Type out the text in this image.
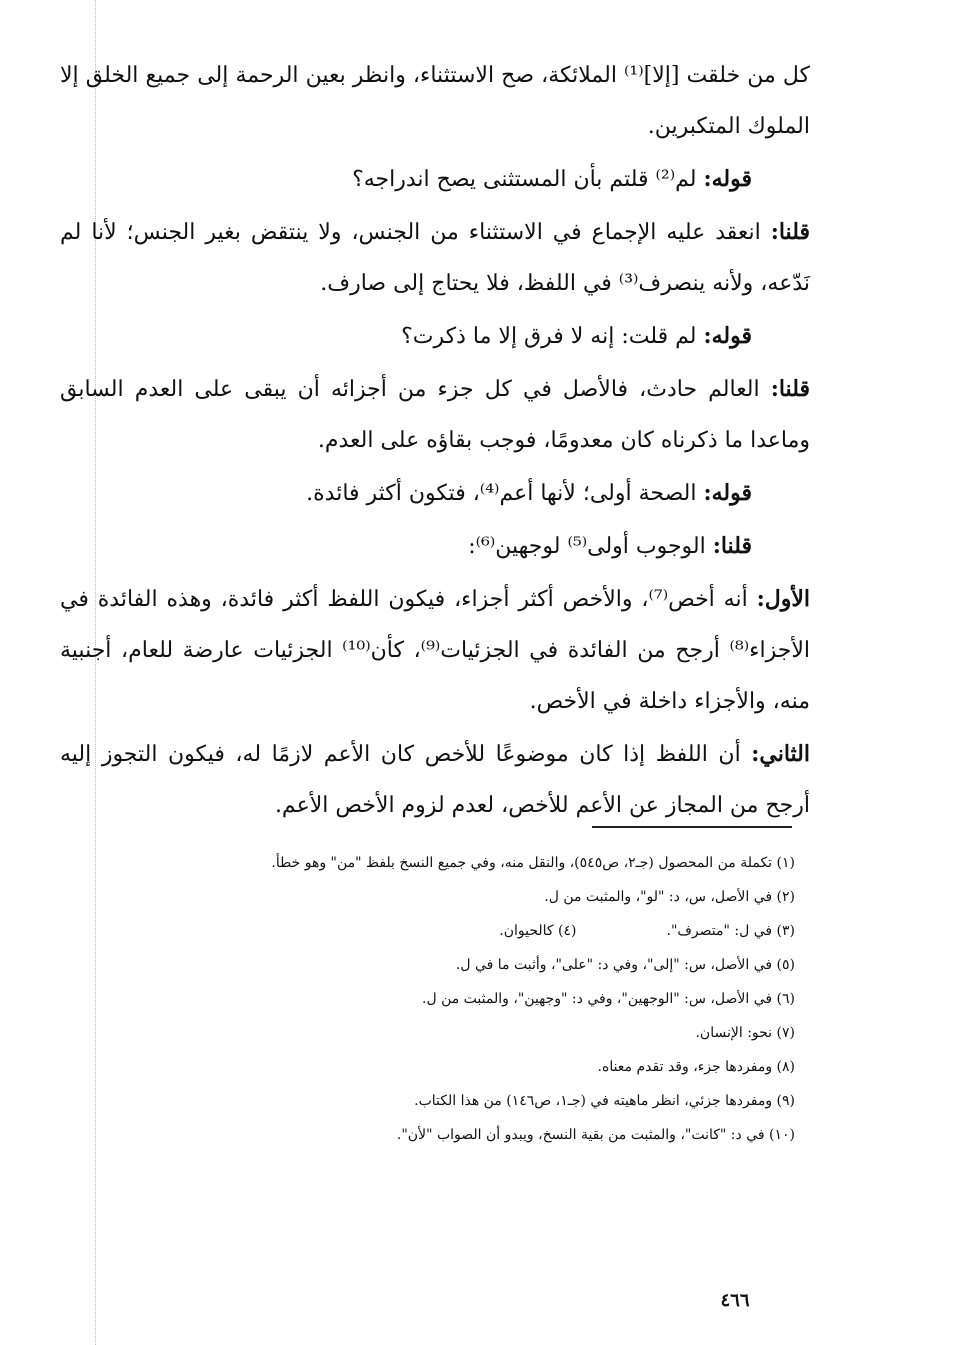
كل من خلقت [إلا]⁽¹⁾ الملائكة، صح الاستثناء، وانظر بعين الرحمة إلى جميع الخلق إلا الملوك المتكبرين.

قوله: لم⁽²⁾ قلتم بأن المستثنى يصح اندراجه؟

قلنا: انعقد عليه الإجماع في الاستثناء من الجنس، ولا ينتقض بغير الجنس؛ لأنا لم نَدّعه، ولأنه ينصرف⁽³⁾ في اللفظ، فلا يحتاج إلى صارف.

قوله: لم قلت: إنه لا فرق إلا ما ذكرت؟

قلنا: العالم حادث، فالأصل في كل جزء من أجزائه أن يبقى على العدم السابق وماعدا ما ذكرناه كان معدومًا، فوجب بقاؤه على العدم.

قوله: الصحة أولى؛ لأنها أعم⁽⁴⁾، فتكون أكثر فائدة.

قلنا: الوجوب أولى⁽⁵⁾ لوجهين⁽⁶⁾:

الأول: أنه أخص⁽⁷⁾، والأخص أكثر أجزاء، فيكون اللفظ أكثر فائدة، وهذه الفائدة في الأجزاء⁽⁸⁾ أرجح من الفائدة في الجزئيات⁽⁹⁾، كأن⁽¹⁰⁾ الجزئيات عارضة للعام، أجنبية منه، والأجزاء داخلة في الأخص.

الثاني: أن اللفظ إذا كان موضوعًا للأخص كان الأعم لازمًا له، فيكون التجوز إليه أرجح من المجاز عن الأعم للأخص، لعدم لزوم الأخص الأعم.

(١) تكملة من المحصول (جـ٢، ص٥٤٥)، والنقل منه، وفي جميع النسخ بلفظ "من" وهو خطأ.

(٢) في الأصل، س، د: "لو"، والمثبت من ل.

(٣) في ل: "متصرف".
(٤) كالحيوان.

(٥) في الأصل، س: "إلى"، وفي د: "على"، وأثبت ما في ل.

(٦) في الأصل، س: "الوجهين"، وفي د: "وجهين"، والمثبت من ل.

(٧) نحو: الإنسان.

(٨) ومفردها جزء، وقد تقدم معناه.

(٩) ومفردها جزئي، انظر ماهيته في (جـ١، ص١٤٦) من هذا الكتاب.

(١٠) في د: "كانت"، والمثبت من بقية النسخ، ويبدو أن الصواب "لأن".

٤٦٦
